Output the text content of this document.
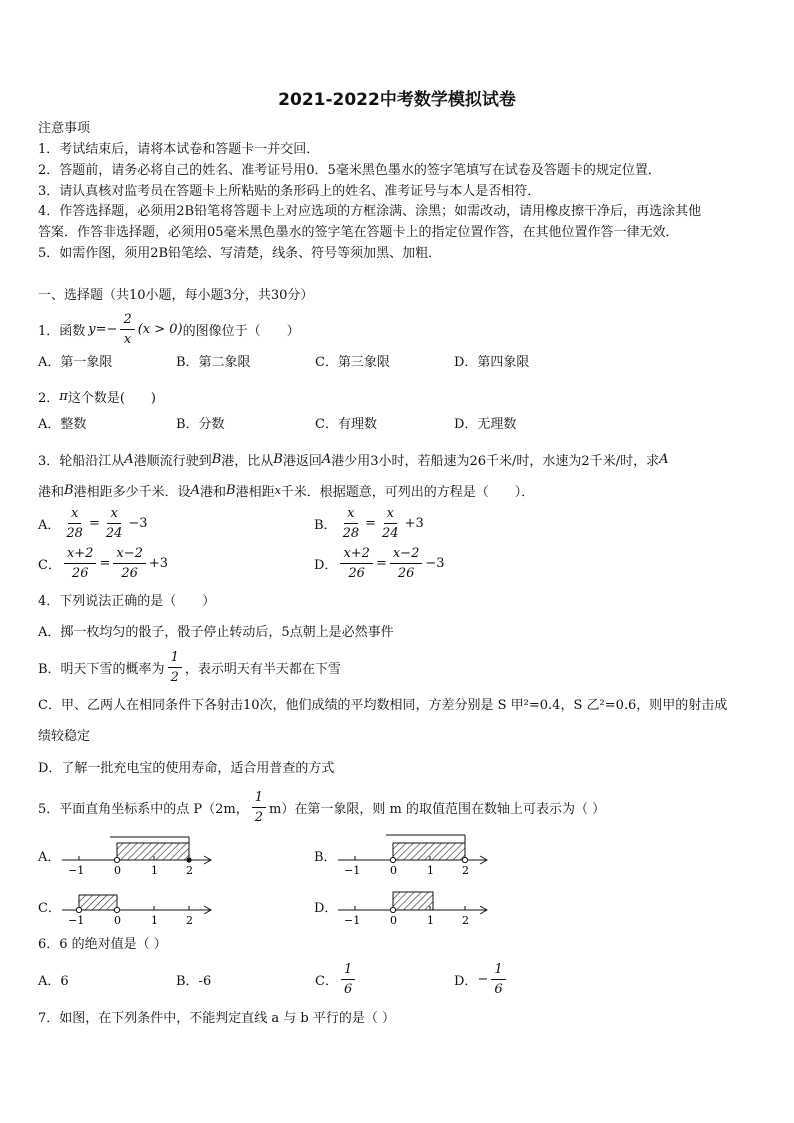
2021-2022中考数学模拟试卷
注意事项
1．考试结束后，请将本试卷和答题卡一并交回．
2．答题前，请务必将自己的姓名、准考证号用0．5毫米黑色墨水的签字笔填写在试卷及答题卡的规定位置．
3．请认真核对监考员在答题卡上所粘贴的条形码上的姓名、准考证号与本人是否相符．
4．作答选择题，必须用2B铅笔将答题卡上对应选项的方框涂满、涂黑；如需改动，请用橡皮擦干净后，再选涂其他
答案．作答非选择题，必须用05毫米黑色墨水的签字笔在答题卡上的指定位置作答，在其他位置作答一律无效．
5．如需作图，须用2B铅笔绘、写清楚，线条、符号等须加黑、加粗．
一、选择题（共10小题，每小题3分，共30分）
1．函数 $y =- \frac{2}{x} (x > 0)$ 的图像位于（　　）
A．第一象限	B．第二象限	C．第三象限	D．第四象限
2． π 这个数是(　　)
A．整数	B．分数	C．有理数	D．无理数
3．轮船沿江从 A 港顺流行驶到 B 港，比从 B 港返回 A 港少用3小时，若船速为26千米/时，水速为2千米/时，求 A
港和 B 港相距多少千米．设 A 港和 B 港相距 x 千米．根据题意，可列出的方程是（　　）．
A． $\frac{x}{28} = \frac{x}{24} -3$	B． $\frac{x}{28} = \frac{x}{24} +3$
C． $\frac{x+2}{26} = \frac{x-2}{26} +3$	D． $\frac{x+2}{26} = \frac{x-2}{26} -3$
4．下列说法正确的是（　　）
A．掷一枚均匀的骰子，骰子停止转动后，5点朝上是必然事件
B．明天下雪的概率为 $\frac{1}{2}$ ，表示明天有半天都在下雪
C．甲、乙两人在相同条件下各射击10次，他们成绩的平均数相同，方差分别是 S 甲²=0.4，S 乙²=0.6，则甲的射击成
绩较稳定
D．了解一批充电宝的使用寿命，适合用普查的方式
5．平面直角坐标系中的点 P（2m， $\frac{1}{2} m$）在第一象限，则 m 的取值范围在数轴上可表示为（ ）
A．
−1	0	1	2
B．
−1	0	1	2
C．
−1	0	1	2
D．
−1	0	1	2
6．6 的绝对值是（ ）
A．6	B．-6	C． $\frac{1}{6}$	D． − $\frac{1}{6}$
7．如图，在下列条件中，不能判定直线 a 与 b 平行的是（ ）
